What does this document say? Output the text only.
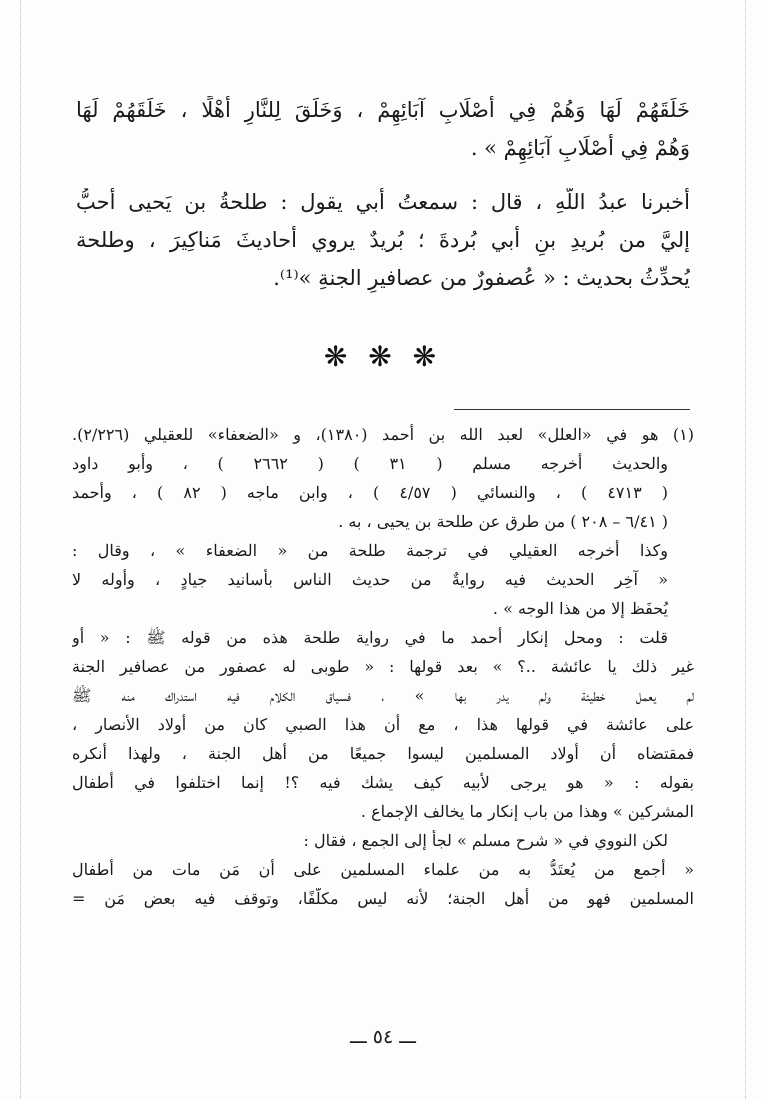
خَلَقَهُمْ لَهَا وَهُمْ فِي أَصْلَابِ آبَائِهِمْ ، وَخَلَقَ لِلنَّارِ أَهْلًا ، خَلَقَهُمْ لَهَا
وَهُمْ فِي أَصْلَابِ آبَائِهِمْ » .
أخبرنا عبدُ اللّهِ ، قال : سمعتُ أبي يقول : طلحةُ بن يَحيى أَحبُّ
إليَّ من بُريدِ بنِ أبي بُردةَ ؛ بُريدٌ يروي أحاديثَ مَناكِيرَ ، وطلحة
يُحدِّثُ بحديث : « عُصفورٌ من عصافيرِ الجنةِ »⁽¹⁾.
❋ ❋ ❋
(١) هو في «العلل» لعبد الله بن أحمد (١٣٨٠)، و «الضعفاء» للعقيلي (٢/٢٢٦).
والحديث أخرجه مسلم ( ٣١ ) ( ٢٦٦٢ ) ، وأبو داود
( ٤٧١٣ ) ، والنسائي ( ٤/٥٧ ) ، وابن ماجه ( ٨٢ ) ، وأحمد
( ٦/٤١ – ٢٠٨ ) من طرق عن طلحة بن يحيى ، به .
وكذا أخرجه العقيلي في ترجمة طلحة من « الضعفاء » ، وقال :
« آخِر الحديث فيه روايةٌ من حديث الناس بأسانيد جيادٍ ، وأوله لا
يُحفَظ إلا من هذا الوجه » .
قلت : ومحل إنكار أحمد ما في رواية طلحة هذه من قوله ﷺ : « أو
غير ذلك يا عائشة ..؟ » بعد قولها : « طوبى له عصفور من عصافير الجنة
لم يعمل خطيئة ولم يدر بها » ، فسياق الكلام فيه استدراك منه ﷺ
على عائشة في قولها هذا ، مع أن هذا الصبي كان من أولاد الأنصار ،
فمقتضاه أن أولاد المسلمين ليسوا جميعًا من أهل الجنة ، ولهذا أنكره
بقوله : « هو يرجى لأبيه كيف يشك فيه ؟! إنما اختلفوا في أطفال
المشركين » وهذا من باب إنكار ما يخالف الإجماع .
لكن النووي في « شرح مسلم » لجأ إلى الجمع ، فقال :
« أجمع من يُعتَدُّ به من علماء المسلمين على أن مَن مات من أطفال
المسلمين فهو من أهل الجنة؛ لأنه ليس مكلَّفًا، وتوقف فيه بعض مَن =
ـــ ٥٤ ـــ
